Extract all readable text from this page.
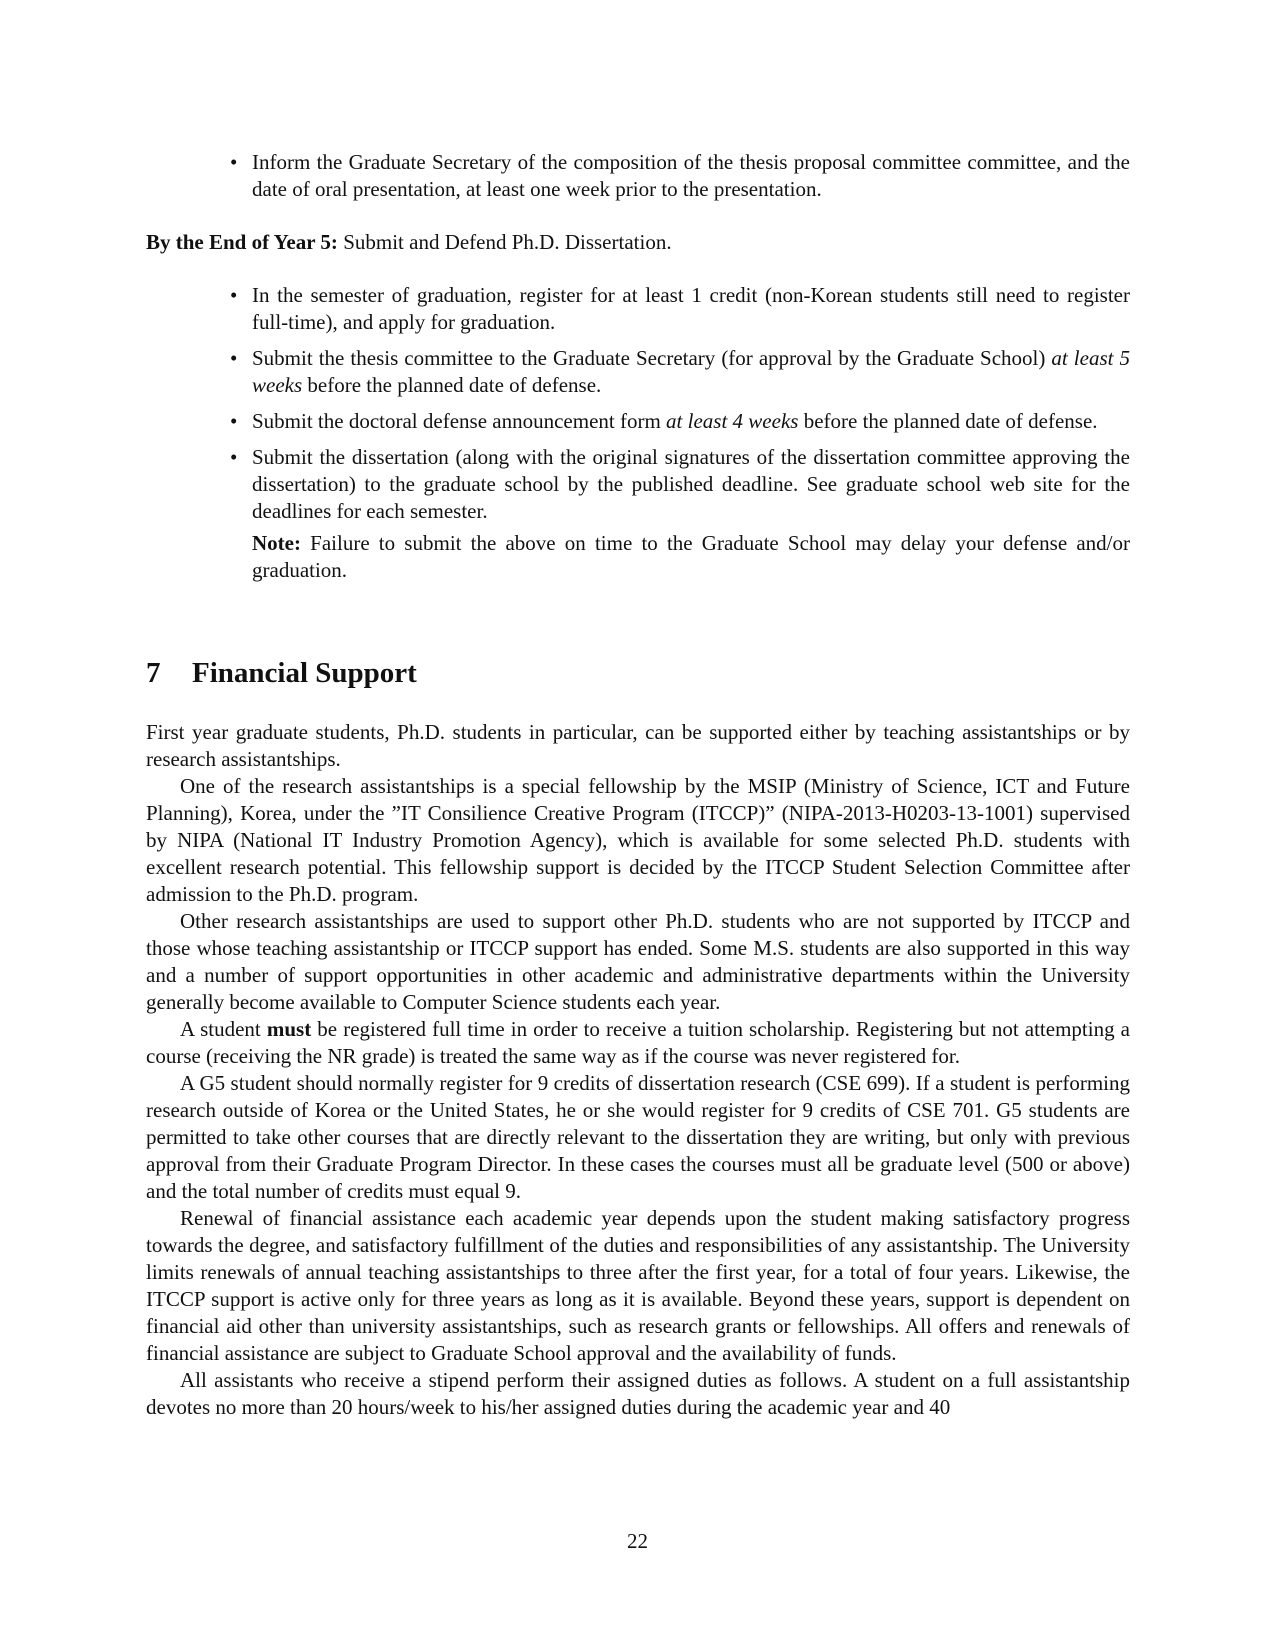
• Inform the Graduate Secretary of the composition of the thesis proposal committee committee, and the date of oral presentation, at least one week prior to the presentation.
By the End of Year 5: Submit and Defend Ph.D. Dissertation.
• In the semester of graduation, register for at least 1 credit (non-Korean students still need to register full-time), and apply for graduation.
• Submit the thesis committee to the Graduate Secretary (for approval by the Graduate School) at least 5 weeks before the planned date of defense.
• Submit the doctoral defense announcement form at least 4 weeks before the planned date of defense.
• Submit the dissertation (along with the original signatures of the dissertation committee approving the dissertation) to the graduate school by the published deadline. See graduate school web site for the deadlines for each semester.
Note: Failure to submit the above on time to the Graduate School may delay your defense and/or graduation.
7 Financial Support

First year graduate students, Ph.D. students in particular, can be supported either by teaching assistantships or by research assistantships.

One of the research assistantships is a special fellowship by the MSIP (Ministry of Science, ICT and Future Planning), Korea, under the ”IT Consilience Creative Program (ITCCP)” (NIPA-2013-H0203-13-1001) supervised by NIPA (National IT Industry Promotion Agency), which is available for some selected Ph.D. students with excellent research potential. This fellowship support is decided by the ITCCP Student Selection Committee after admission to the Ph.D. program.

Other research assistantships are used to support other Ph.D. students who are not supported by ITCCP and those whose teaching assistantship or ITCCP support has ended. Some M.S. students are also supported in this way and a number of support opportunities in other academic and administrative departments within the University generally become available to Computer Science students each year.

A student must be registered full time in order to receive a tuition scholarship. Registering but not attempting a course (receiving the NR grade) is treated the same way as if the course was never registered for.

A G5 student should normally register for 9 credits of dissertation research (CSE 699). If a student is performing research outside of Korea or the United States, he or she would register for 9 credits of CSE 701. G5 students are permitted to take other courses that are directly relevant to the dissertation they are writing, but only with previous approval from their Graduate Program Director. In these cases the courses must all be graduate level (500 or above) and the total number of credits must equal 9.

Renewal of financial assistance each academic year depends upon the student making satisfactory progress towards the degree, and satisfactory fulfillment of the duties and responsibilities of any assistantship. The University limits renewals of annual teaching assistantships to three after the first year, for a total of four years. Likewise, the ITCCP support is active only for three years as long as it is available. Beyond these years, support is dependent on financial aid other than university assistantships, such as research grants or fellowships. All offers and renewals of financial assistance are subject to Graduate School approval and the availability of funds.

All assistants who receive a stipend perform their assigned duties as follows. A student on a full assistantship devotes no more than 20 hours/week to his/her assigned duties during the academic year and 40

22
